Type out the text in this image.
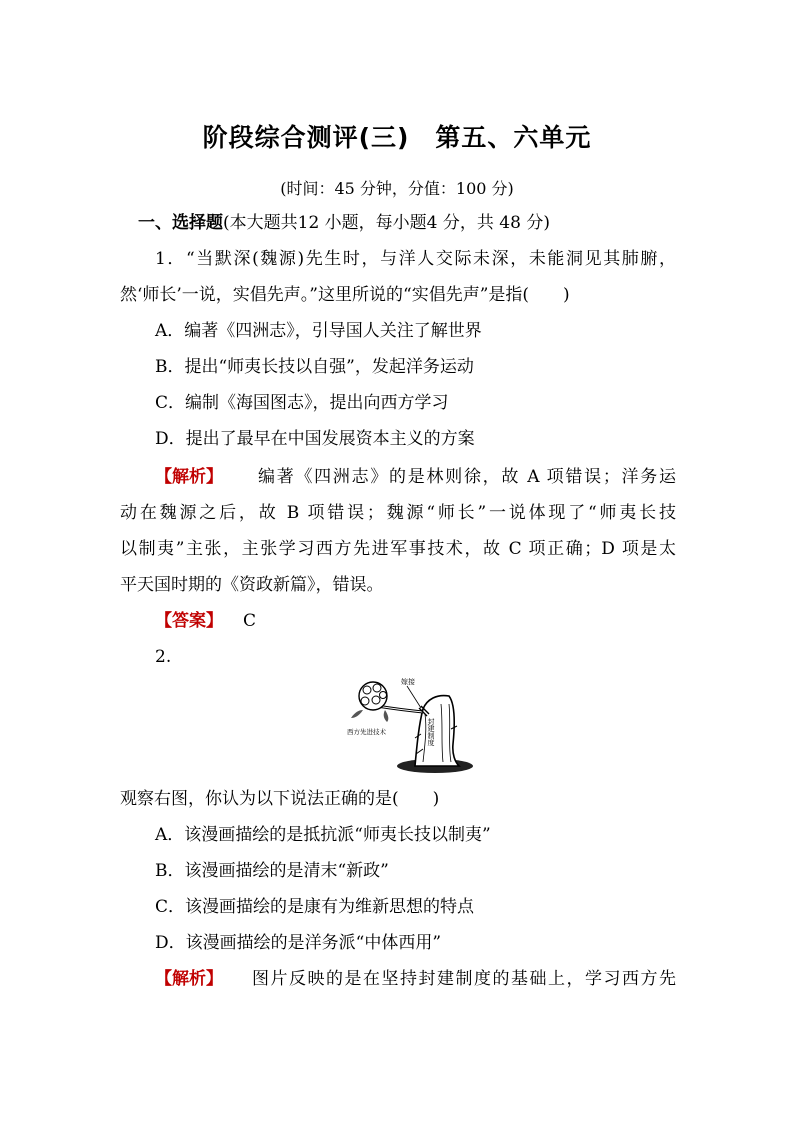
阶段综合测评(三)　第五、六单元
(时间：45 分钟，分值：100 分)
一、选择题(本大题共12 小题，每小题4 分，共 48 分)
1．“当默深(魏源)先生时，与洋人交际未深，未能洞见其肺腑，
然‘师长’一说，实倡先声。”这里所说的“实倡先声”是指(　　)
A．编著《四洲志》，引导国人关注了解世界
B．提出“师夷长技以自强”，发起洋务运动
C．编制《海国图志》，提出向西方学习
D．提出了最早在中国发展资本主义的方案
【解析】 编著《四洲志》的是林则徐，故 A 项错误；洋务运
动在魏源之后，故 B 项错误；魏源“师长”一说体现了“师夷长技
以制夷”主张，主张学习西方先进军事技术，故 C 项正确；D 项是太
平天国时期的《资政新篇》，错误。
【答案】 C
2.
嫁接
西方先进技术	封建制度
观察右图，你认为以下说法正确的是(　　)
A．该漫画描绘的是抵抗派“师夷长技以制夷”
B．该漫画描绘的是清末“新政”
C．该漫画描绘的是康有为维新思想的特点
D．该漫画描绘的是洋务派“中体西用”
【解析】 图片反映的是在坚持封建制度的基础上，学习西方先
